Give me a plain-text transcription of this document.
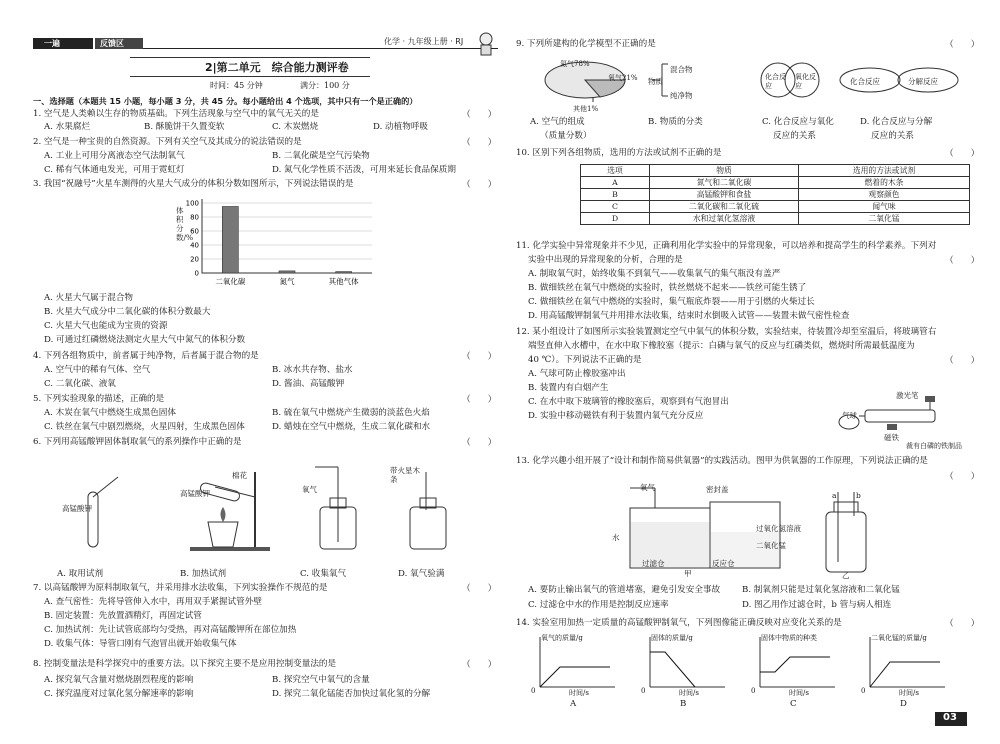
一遍	反馈区	化学 · 九年级上册 · RJ
2|第二单元　综合能力测评卷
时间：45 分钟	满分：100 分
一、选择题（本题共 15 小题，每小题 3 分，共 45 分。每小题给出 4 个选项，其中只有一个是正确的）
1. 空气是人类赖以生存的物质基础。下列生活现象与空气中的氧气无关的是	（　　）
A. 水果腐烂	B. 酥脆饼干久置变软	C. 木炭燃烧	D. 动植物呼吸
2. 空气是一种宝贵的自然资源。下列有关空气及其成分的说法错误的是	（　　）
A. 工业上可用分离液态空气法制氧气	B. 二氧化碳是空气污染物
C. 稀有气体通电发光，可用于霓虹灯	D. 氮气化学性质不活泼，可用来延长食品保质期
3. 我国“祝融号”火星车测得的火星大气成分的体积分数如图所示，下列说法错误的是	（　　）
0
20
40
60
80
100
二氧化碳	氮气	其他气体
体积分数/%
A. 火星大气属于混合物
B. 火星大气成分中二氧化碳的体积分数最大
C. 火星大气也能成为宝贵的资源
D. 可通过红磷燃烧法测定火星大气中氮气的体积分数
4. 下列各组物质中，前者属于纯净物，后者属于混合物的是	（　　）
A. 空气中的稀有气体、空气	B. 冰水共存物、盐水
C. 二氧化碳、液氧	D. 酱油、高锰酸钾
5. 下列实验现象的描述，正确的是	（　　）
A. 木炭在氧气中燃烧生成黑色固体	B. 硫在氧气中燃烧产生微弱的淡蓝色火焰
C. 铁丝在氧气中剧烈燃烧，火星四射，生成黑色固体	D. 蜡烛在空气中燃烧，生成二氧化碳和水
6. 下列用高锰酸钾固体制取氧气的系列操作中正确的是	（　　）
高锰酸钾
高锰酸钾
棉花
氧气
带火星木条
A. 取用试剂	B. 加热试剂	C. 收集氧气	D. 氧气验满
7. 以高锰酸钾为原料制取氧气，并采用排水法收集，下列实验操作不规范的是	（　　）
A. 查气密性：先将导管伸入水中，再用双手紧握试管外壁
B. 固定装置：先放置酒精灯，再固定试管
C. 加热试剂：先让试管底部均匀受热，再对高锰酸钾所在部位加热
D. 收集气体：导管口刚有气泡冒出就开始收集气体
8. 控制变量法是科学探究中的重要方法。以下探究主要不是应用控制变量法的是	（　　）
A. 探究氧气含量对燃烧剧烈程度的影响	B. 探究空气中氧气的含量
C. 探究温度对过氧化氢分解速率的影响	D. 探究二氧化锰能否加快过氧化氢的分解
9. 下列所建构的化学模型不正确的是	（　　）
氮气78%
氧气21%
其他1%
物质
混合物
纯净物
化合反应
氧化反应	化合反应	分解反应
A. 空气的组成
（质量分数）
B. 物质的分类	C. 化合反应与氧化
反应的关系
D. 化合反应与分解
反应的关系
10. 区别下列各组物质，选用的方法或试剂不正确的是	（　　）
选项	物质	选用的方法或试剂
A	氮气和二氧化碳	燃着的木条
B	高锰酸钾和食盐	观察颜色
C	二氧化碳和二氧化硫	闻气味
D	水和过氧化氢溶液	二氧化锰
11. 化学实验中异常现象并不少见，正确利用化学实验中的异常现象，可以培养和提高学生的科学素养。下列对
实验中出现的异常现象的分析，合理的是	（　　）
A. 制取氧气时，始终收集不到氧气——收集氧气的集气瓶没有盖严
B. 做细铁丝在氧气中燃烧的实验时，铁丝燃烧不起来——铁丝可能生锈了
C. 做细铁丝在氧气中燃烧的实验时，集气瓶底炸裂——用于引燃的火柴过长
D. 用高锰酸钾制氧气并用排水法收集，结束时水倒吸入试管——装置未做气密性检查
12. 某小组设计了如图所示实验装置测定空气中氧气的体积分数，实验结束，待装置冷却至室温后，将玻璃管右
端竖直伸入水槽中，在水中取下橡胶塞（提示：白磷与氧气的反应与红磷类似，燃烧时所需最低温度为
40 ℃）。下列说法不正确的是	（　　）
A. 气球可防止橡胶塞冲出
B. 装置内有白烟产生
C. 在水中取下玻璃管的橡胶塞后，观察到有气泡冒出
D. 实验中移动磁铁有利于装置内氧气充分反应
激光笔
气球
磁铁
裁有白磷的铁制品
13. 化学兴趣小组开展了“设计和制作简易供氧器”的实践活动。图甲为供氧器的工作原理，下列说法正确的是
（　　）
氧气	密封盖
水
过氧化氢溶液
二氧化锰
过滤仓	反应仓
甲	乙
a	b
A. 要防止输出氧气的管道堵塞，避免引发安全事故	B. 制氧剂只能是过氧化氢溶液和二氧化锰
C. 过滤仓中水的作用是控制反应速率	D. 图乙用作过滤仓时，b 管与病人相连
14. 实验室用加热一定质量的高锰酸钾制氧气，下列图像能正确反映对应变化关系的是	（　　）
氧气的质量/g	固体的质量/g	固体中物质的种类	二氧化锰的质量/g
时间/s	时间/s	时间/s	时间/s
0	0	0	0
A	B	C	D
03
